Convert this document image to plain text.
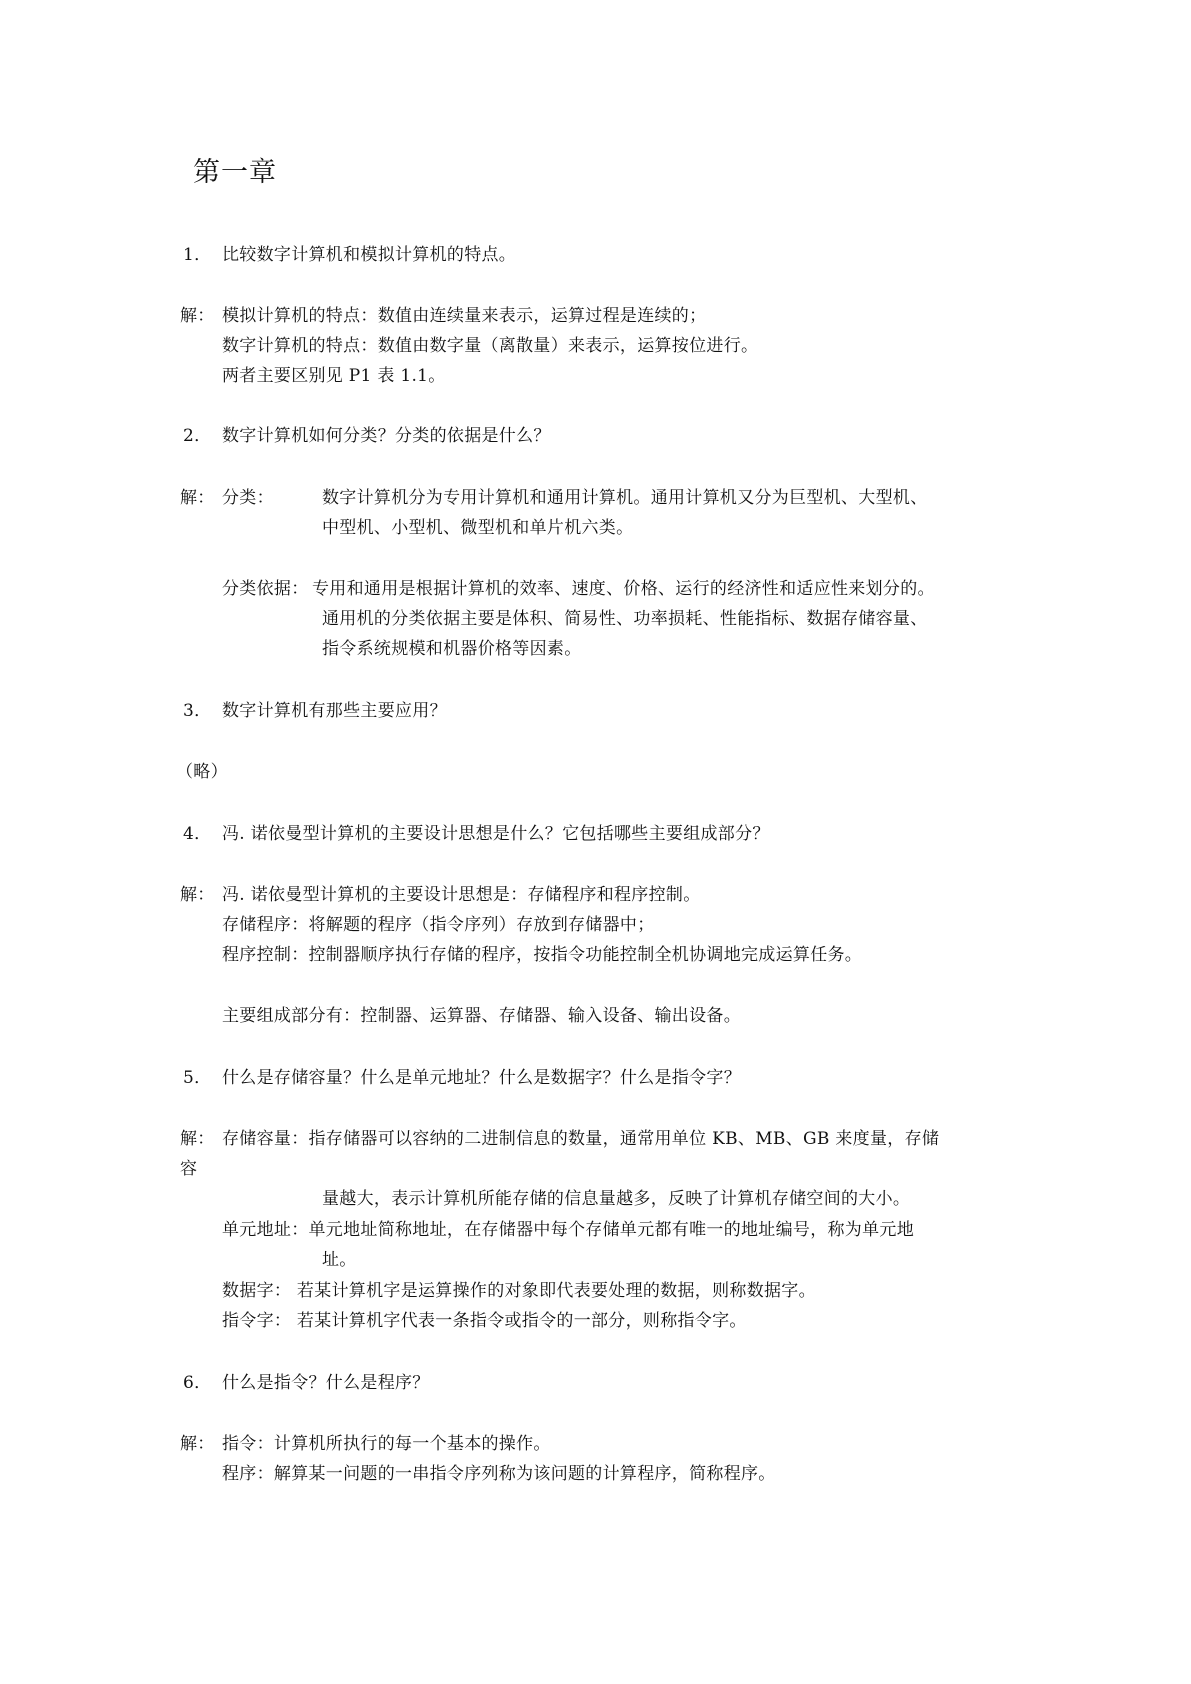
第一章
1． 比较数字计算机和模拟计算机的特点。
解： 模拟计算机的特点：数值由连续量来表示，运算过程是连续的；
数字计算机的特点：数值由数字量（离散量）来表示，运算按位进行。
两者主要区别见 P1 表 1.1。
2． 数字计算机如何分类？分类的依据是什么？
解： 分类：	数字计算机分为专用计算机和通用计算机。通用计算机又分为巨型机、大型机、
中型机、小型机、微型机和单片机六类。
分类依据： 专用和通用是根据计算机的效率、速度、价格、运行的经济性和适应性来划分的。
通用机的分类依据主要是体积、简易性、功率损耗、性能指标、数据存储容量、
指令系统规模和机器价格等因素。
3． 数字计算机有那些主要应用？
（略）
4． 冯. 诺依曼型计算机的主要设计思想是什么？它包括哪些主要组成部分？
解： 冯. 诺依曼型计算机的主要设计思想是：存储程序和程序控制。
存储程序：将解题的程序（指令序列）存放到存储器中；
程序控制：控制器顺序执行存储的程序，按指令功能控制全机协调地完成运算任务。
主要组成部分有：控制器、运算器、存储器、输入设备、输出设备。
5． 什么是存储容量？什么是单元地址？什么是数据字？什么是指令字？
解： 存储容量：指存储器可以容纳的二进制信息的数量，通常用单位 KB、MB、GB 来度量，存储
容
量越大，表示计算机所能存储的信息量越多，反映了计算机存储空间的大小。
单元地址：单元地址简称地址，在存储器中每个存储单元都有唯一的地址编号，称为单元地
址。
数据字： 若某计算机字是运算操作的对象即代表要处理的数据，则称数据字。
指令字： 若某计算机字代表一条指令或指令的一部分，则称指令字。
6． 什么是指令？什么是程序？
解： 指令：计算机所执行的每一个基本的操作。
程序：解算某一问题的一串指令序列称为该问题的计算程序，简称程序。
